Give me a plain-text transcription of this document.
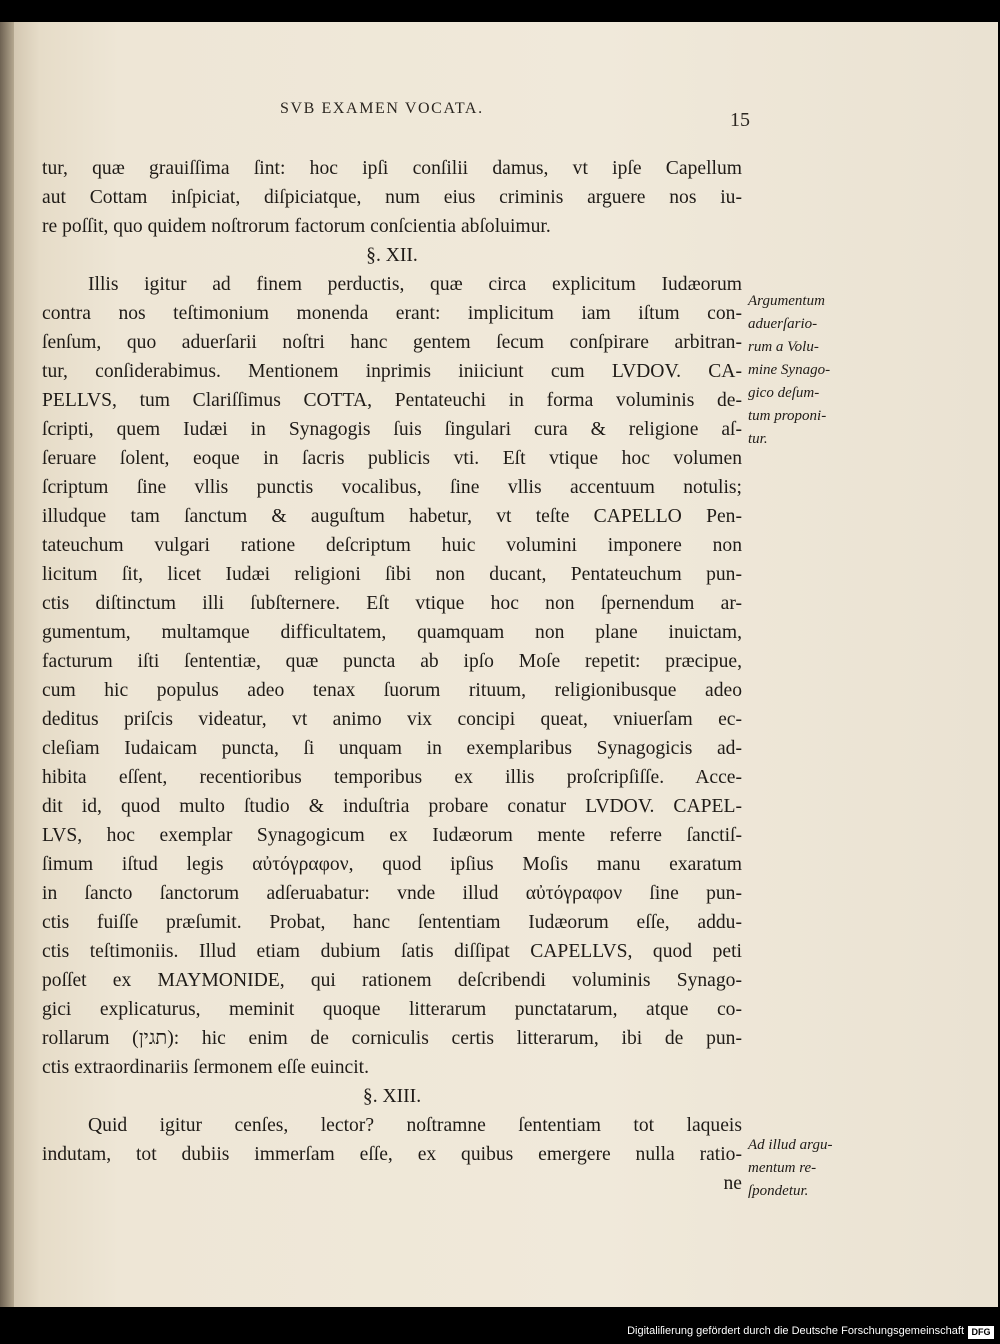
SVB EXAMEN VOCATA.
15
tur, quæ grauiſſima ſint: hoc ipſi conſilii damus, vt ipſe Capellum
aut Cottam inſpiciat, diſpiciatque, num eius criminis arguere nos iu-
re poſſit, quo quidem noſtrorum factorum conſcientia abſoluimur.
§. XII.
Illis igitur ad finem perductis, quæ circa explicitum Iudæorum
contra nos teſtimonium monenda erant: implicitum iam iſtum con-
ſenſum, quo aduerſarii noſtri hanc gentem ſecum conſpirare arbitran-
tur, conſiderabimus. Mentionem inprimis iniiciunt cum LVDOV. CA-
PELLVS, tum Clariſſimus COTTA, Pentateuchi in forma voluminis de-
ſcripti, quem Iudæi in Synagogis ſuis ſingulari cura & religione aſ-
ſeruare ſolent, eoque in ſacris publicis vti. Eſt vtique hoc volumen
ſcriptum ſine vllis punctis vocalibus, ſine vllis accentuum notulis;
illudque tam ſanctum & auguſtum habetur, vt teſte CAPELLO Pen-
tateuchum vulgari ratione deſcriptum huic volumini imponere non
licitum ſit, licet Iudæi religioni ſibi non ducant, Pentateuchum pun-
ctis diſtinctum illi ſubſternere. Eſt vtique hoc non ſpernendum ar-
gumentum, multamque difficultatem, quamquam non plane inuictam,
facturum iſti ſententiæ, quæ puncta ab ipſo Moſe repetit: præcipue,
cum hic populus adeo tenax ſuorum rituum, religionibusque adeo
deditus priſcis videatur, vt animo vix concipi queat, vniuerſam ec-
cleſiam Iudaicam puncta, ſi unquam in exemplaribus Synagogicis ad-
hibita eſſent, recentioribus temporibus ex illis proſcripſiſſe. Acce-
dit id, quod multo ſtudio & induſtria probare conatur LVDOV. CAPEL-
LVS, hoc exemplar Synagogicum ex Iudæorum mente referre ſanctiſ-
ſimum iſtud legis αὐτόγραφον, quod ipſius Moſis manu exaratum
in ſancto ſanctorum adſeruabatur: vnde illud αὐτόγραφον ſine pun-
ctis fuiſſe præſumit. Probat, hanc ſententiam Iudæorum eſſe, addu-
ctis teſtimoniis. Illud etiam dubium ſatis diſſipat CAPELLVS, quod peti
poſſet ex MAYMONIDE, qui rationem deſcribendi voluminis Synago-
gici explicaturus, meminit quoque litterarum punctatarum, atque co-
rollarum (תגין): hic enim de corniculis certis litterarum, ibi de pun-
ctis extraordinariis ſermonem eſſe euincit.
§. XIII.
Quid igitur cenſes, lector? noſtramne ſententiam tot laqueis
indutam, tot dubiis immerſam eſſe, ex quibus emergere nulla ratio-
ne
Argumentum
aduerſario-
rum a Volu-
mine Synago-
gico deſum-
tum proponi-
tur.
Ad illud argu-
mentum re-
ſpondetur.
Digitaliſierung gefördert durch die Deutsche Forschungsgemeinschaft DFG
